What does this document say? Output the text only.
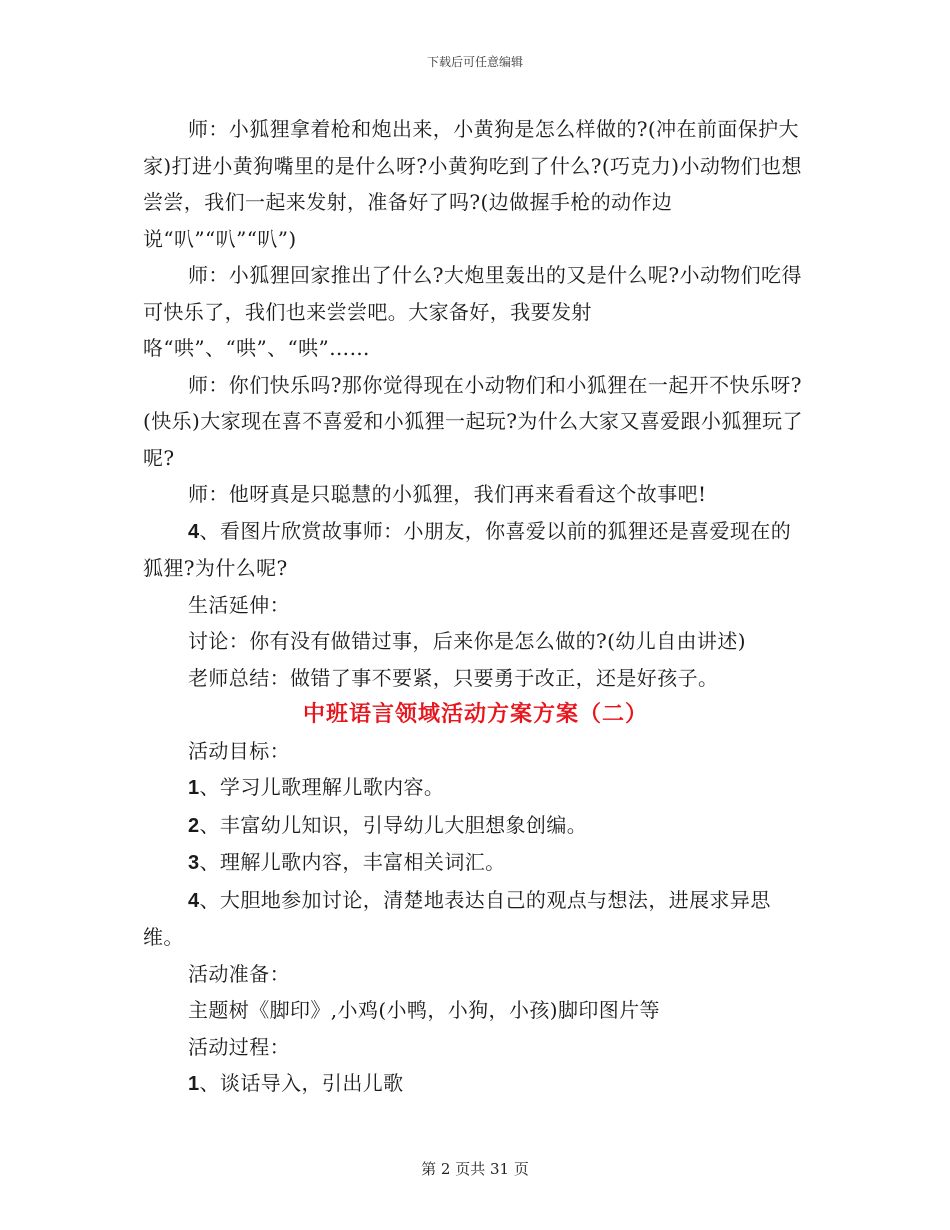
下载后可任意编辑

师：小狐狸拿着枪和炮出来，小黄狗是怎么样做的?(冲在前面保护大家)打进小黄狗嘴里的是什么呀?小黄狗吃到了什么?(巧克力)小动物们也想尝尝，我们一起来发射，准备好了吗?(边做握手枪的动作边说“叭”“叭”“叭”)

师：小狐狸回家推出了什么?大炮里轰出的又是什么呢?小动物们吃得可快乐了，我们也来尝尝吧。大家备好，我要发射咯“哄”、“哄”、“哄”……

师：你们快乐吗?那你觉得现在小动物们和小狐狸在一起开不快乐呀?(快乐)大家现在喜不喜爱和小狐狸一起玩?为什么大家又喜爱跟小狐狸玩了呢?

师：他呀真是只聪慧的小狐狸，我们再来看看这个故事吧!

4、看图片欣赏故事师：小朋友，你喜爱以前的狐狸还是喜爱现在的狐狸?为什么呢?

生活延伸：

讨论：你有没有做错过事，后来你是怎么做的?(幼儿自由讲述)

老师总结：做错了事不要紧，只要勇于改正，还是好孩子。

中班语言领域活动方案方案（二）

活动目标：

1、学习儿歌理解儿歌内容。

2、丰富幼儿知识，引导幼儿大胆想象创编。

3、理解儿歌内容，丰富相关词汇。

4、大胆地参加讨论，清楚地表达自己的观点与想法，进展求异思维。

活动准备：

主题树《脚印》,小鸡(小鸭，小狗，小孩)脚印图片等

活动过程：

1、谈话导入，引出儿歌

第 2 页共 31 页
